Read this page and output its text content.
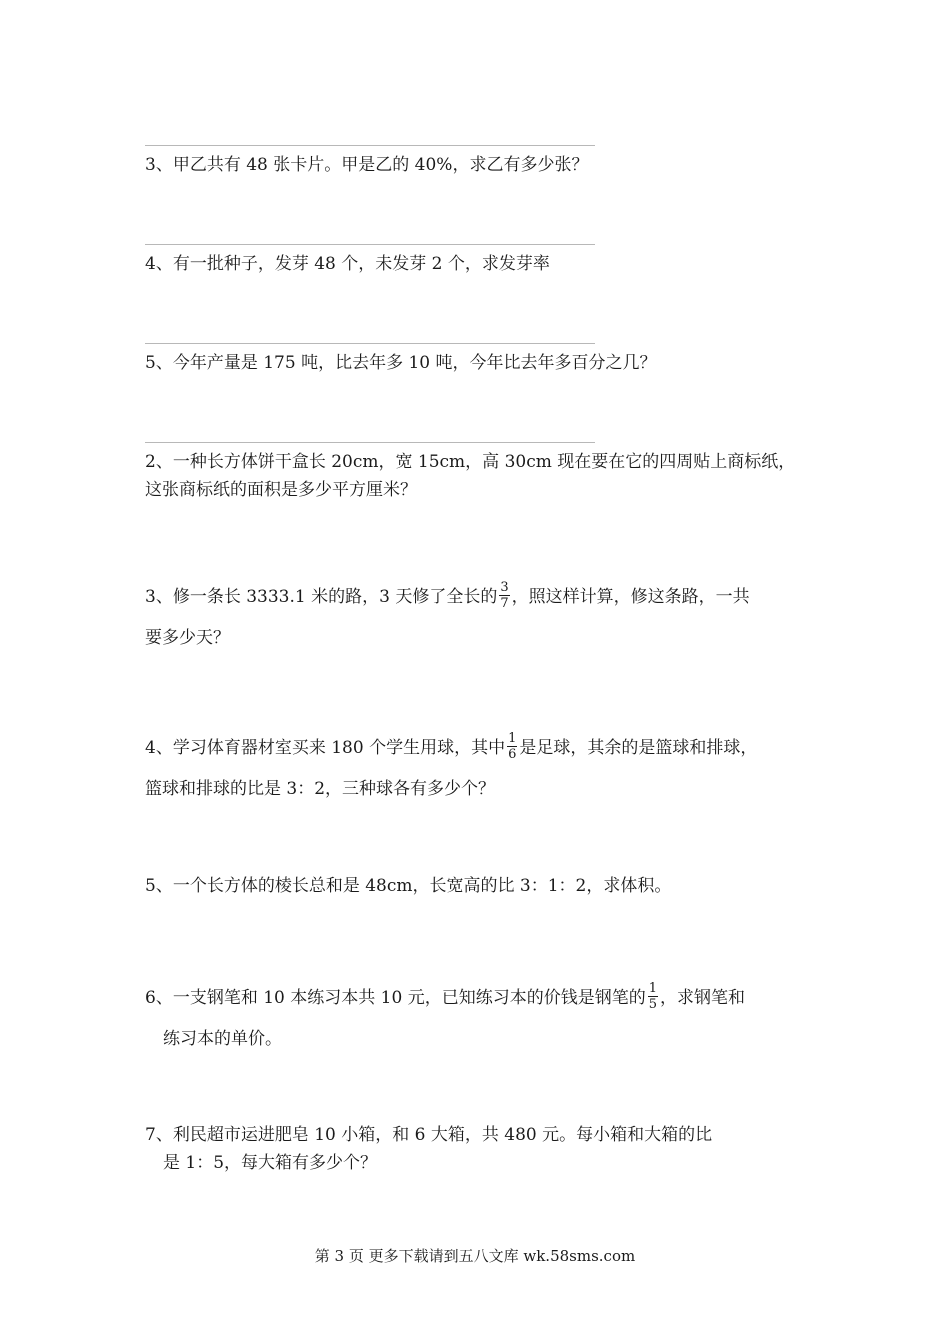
3、甲乙共有 48 张卡片。甲是乙的 40%，求乙有多少张？
4、有一批种子，发芽 48 个，未发芽 2 个，求发芽率
5、今年产量是 175 吨，比去年多 10 吨，今年比去年多百分之几？
2、一种长方体饼干盒长 20cm，宽 15cm，高 30cm 现在要在它的四周贴上商标纸，
这张商标纸的面积是多少平方厘米？
3、修一条长 3333.1 米的路，3 天修了全长的 $\frac{3}{7}$ ，照这样计算，修这条路，一共
要多少天？
4、学习体育器材室买来 180 个学生用球，其中 $\frac{1}{6}$ 是足球，其余的是篮球和排球，
篮球和排球的比是 3：2，三种球各有多少个？
5、一个长方体的棱长总和是 48cm，长宽高的比 3：1：2，求体积。
6、一支钢笔和 10 本练习本共 10 元，已知练习本的价钱是钢笔的 $\frac{1}{5}$ ，求钢笔和
练习本的单价。
7、利民超市运进肥皂 10 小箱，和 6 大箱，共 480 元。每小箱和大箱的比
是 1：5，每大箱有多少个？
第 3 页 更多下载请到五八文库 wk.58sms.com
